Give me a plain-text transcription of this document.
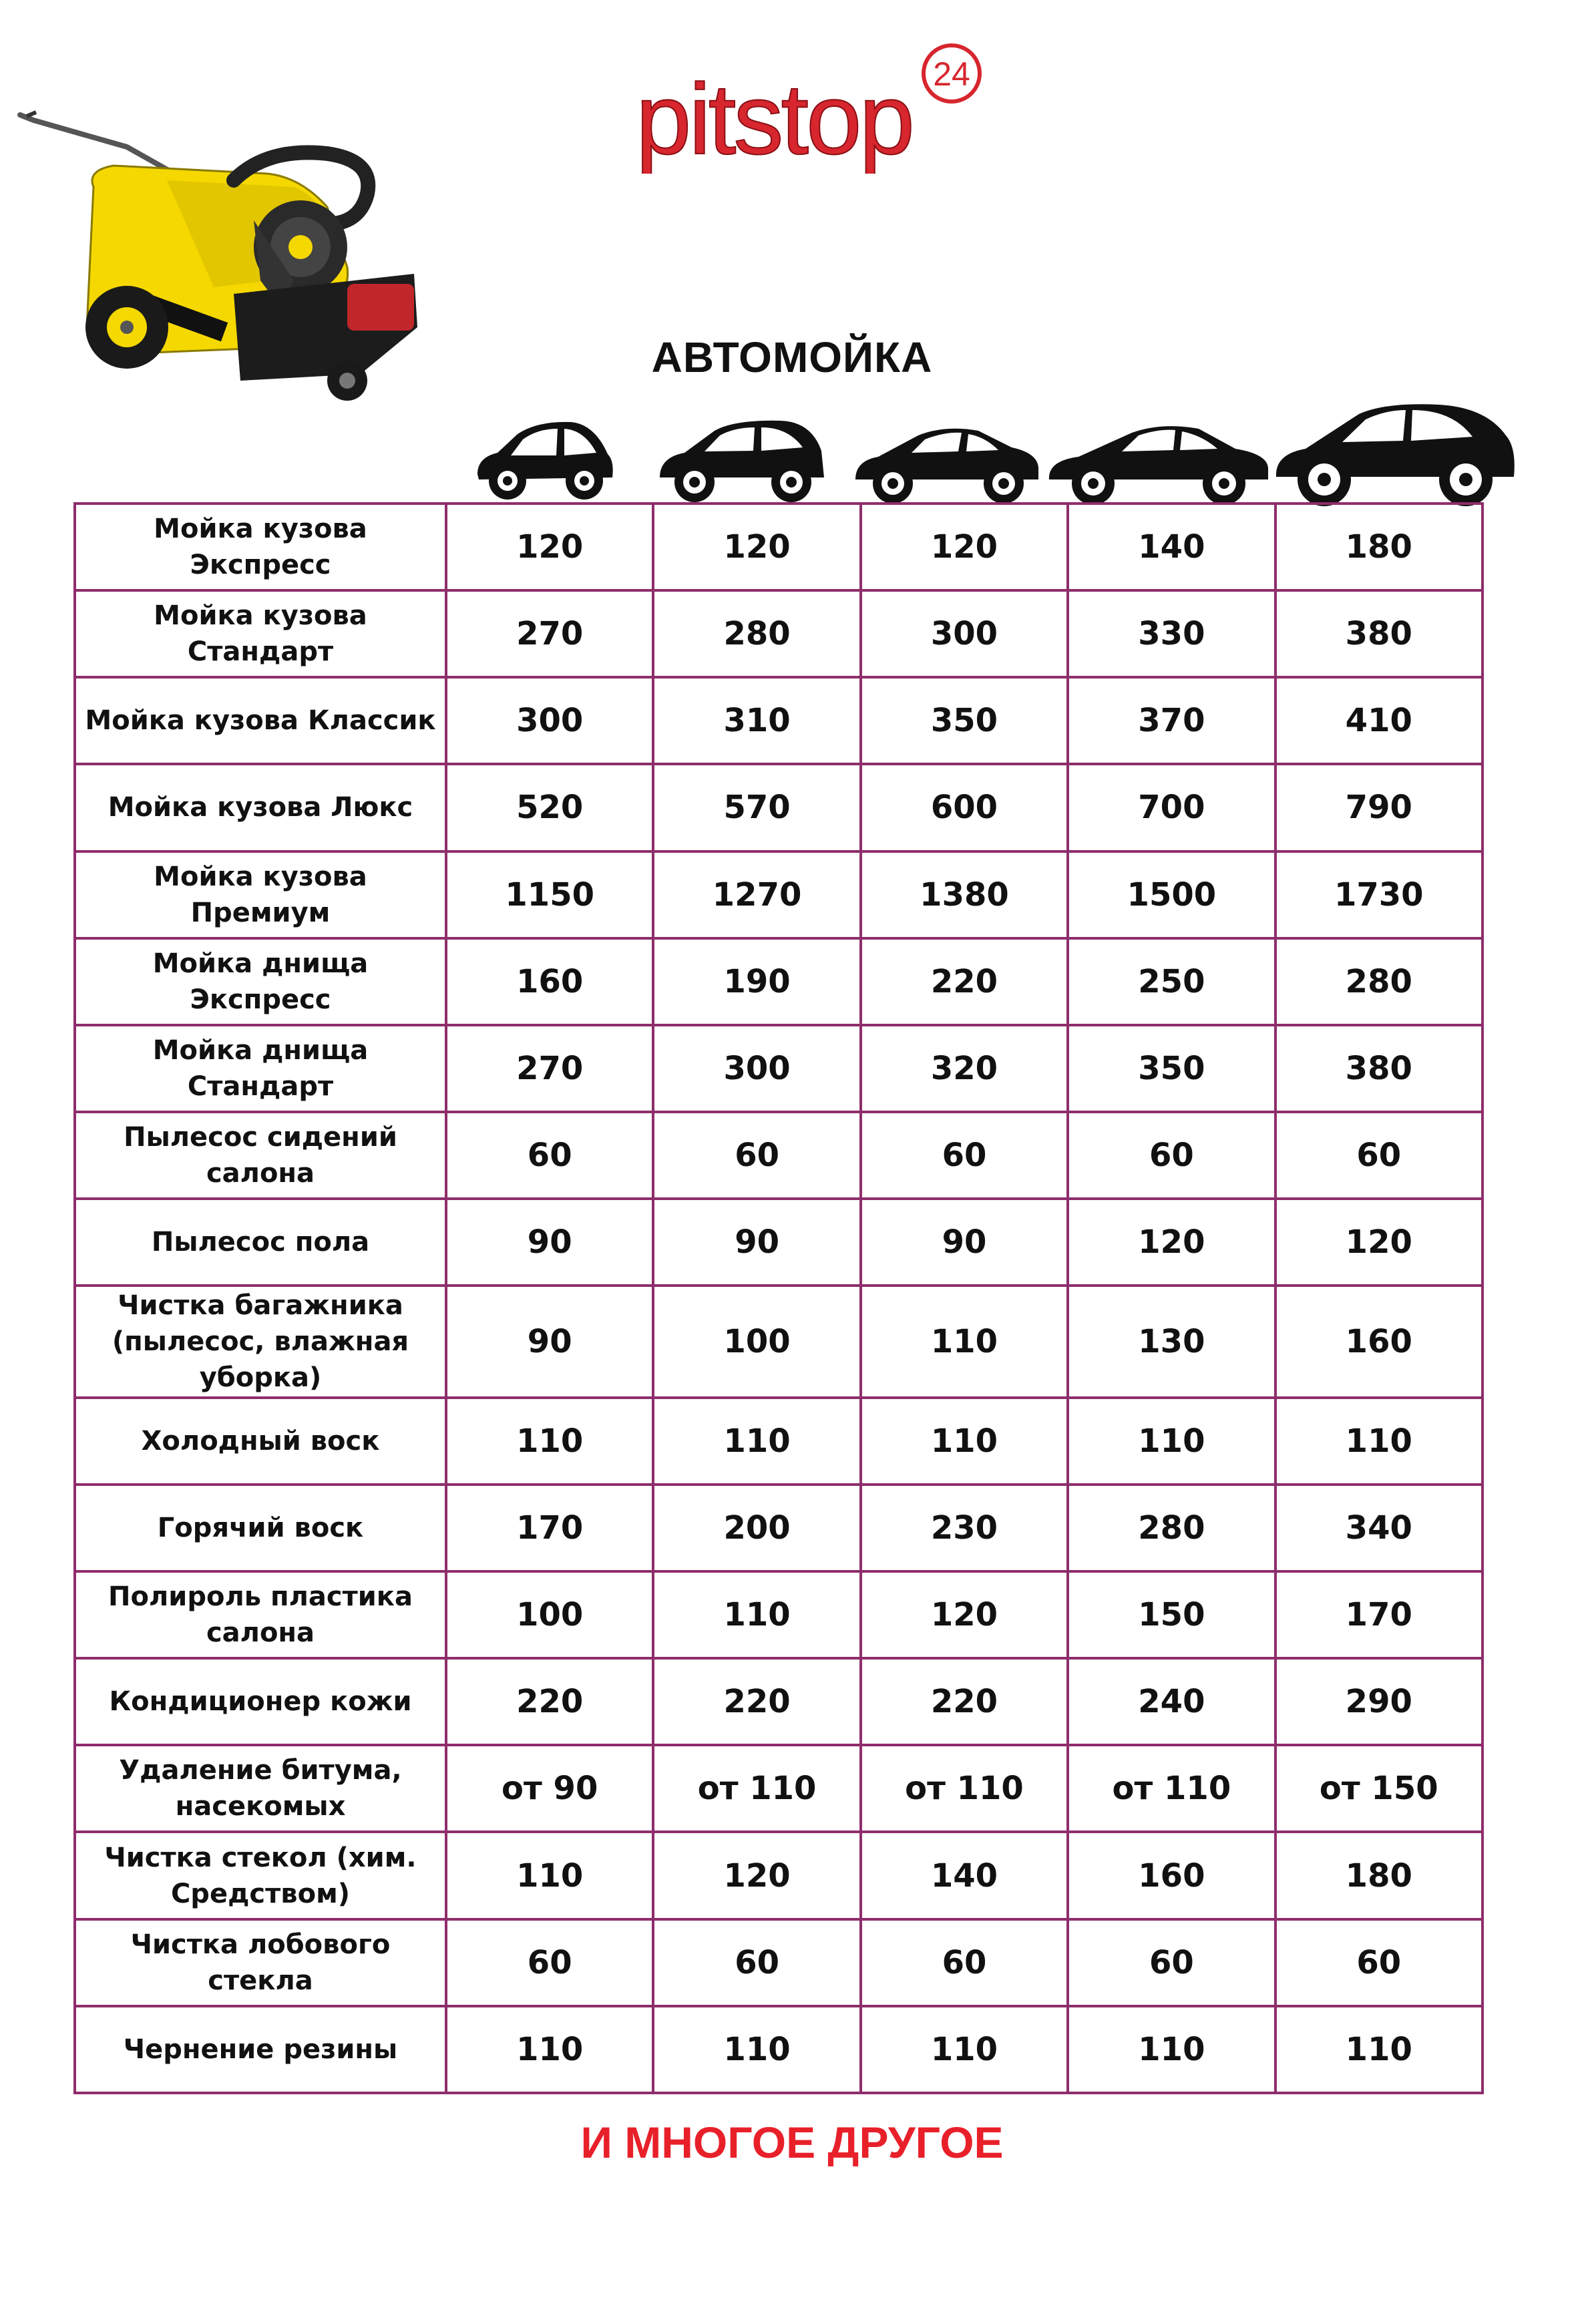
pitstop 24
АВТОМОЙКА
Мойка кузова Экспресс	120	120	120	140	180
Мойка кузова Стандарт	270	280	300	330	380
Мойка кузова Классик	300	310	350	370	410
Мойка кузова Люкс	520	570	600	700	790
Мойка кузова Премиум	1150	1270	1380	1500	1730
Мойка днища Экспресс	160	190	220	250	280
Мойка днища Стандарт	270	300	320	350	380
Пылесос сидений салона	60	60	60	60	60
Пылесос пола	90	90	90	120	120
Чистка багажника (пылесос, влажная уборка)	90	100	110	130	160
Холодный воск	110	110	110	110	110
Горячий воск	170	200	230	280	340
Полироль пластика салона	100	110	120	150	170
Кондиционер кожи	220	220	220	240	290
Удаление битума, насекомых	от 90	от 110	от 110	от 110	от 150
Чистка стекол (хим. Средством)	110	120	140	160	180
Чистка лобового стекла	60	60	60	60	60
Чернение резины	110	110	110	110	110
И МНОГОЕ ДРУГОЕ
